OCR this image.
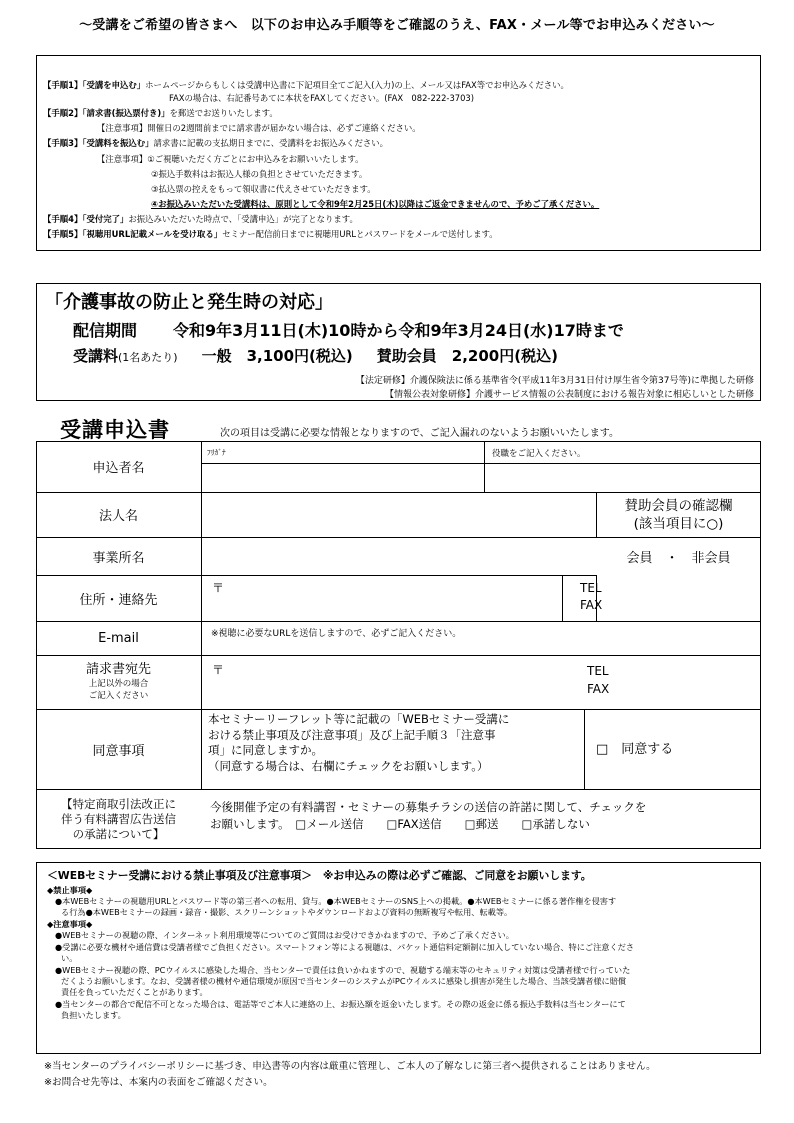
～受講をご希望の皆さまへ　以下のお申込み手順等をご確認のうえ、FAX・メール等でお申込みください～
【手順1】「受講を申込む」ホームページからもしくは受講申込書に下記項目全てご記入(入力)の上、メール又はFAX等でお申込みください。
FAXの場合は、右記番号あてに本状をFAXしてください。(FAX　082-222-3703)
【手順2】「請求書(振込票付き)」を郵送でお送りいたします。
【注意事項】開催日の2週間前までに請求書が届かない場合は、必ずご連絡ください。
【手順3】「受講料を振込む」請求書に記載の支払期日までに、受講料をお振込みください。
【注意事項】①ご視聴いただく方ごとにお申込みをお願いいたします。
②振込手数料はお振込人様の負担とさせていただきます。
③払込票の控えをもって領収書に代えさせていただきます。
④お振込みいただいた受講料は、原則として令和9年2月25日(木)以降はご返金できませんので、予めご了承ください。
【手順4】「受付完了」お振込みいただいた時点で、「受講申込」が完了となります。
【手順5】「視聴用URL記載メールを受け取る」セミナー配信前日までに視聴用URLとパスワードをメールで送付します。
「介護事故の防止と発生時の対応」
配信期間 令和9年3月11日(木)10時から令和9年3月24日(水)17時まで
受講料(1名あたり) 一般　3,100円(税込) 賛助会員　2,200円(税込)
【法定研修】介護保険法に係る基準省令(平成11年3月31日付け厚生省令第37号等)に準拠した研修
【情報公表対象研修】介護サービス情報の公表制度における報告対象に相応しいとした研修
受講申込書	次の項目は受講に必要な情報となりますので、ご記入漏れのないようお願いいたします。
申込者名
ﾌﾘｶﾞﾅ	役職をご記入ください。
法人名
賛助会員の確認欄
(該当項目に○)
事業所名	会員　・　非会員
住所・連絡先
〒	TEL
FAX
E-mail	※視聴に必要なURLを送信しますので、必ずご記入ください。
請求書宛先
上記以外の場合
ご記入ください
〒	TEL
FAX
同意事項
本セミナーリーフレット等に記載の「WEBセミナー受講に
おける禁止事項及び注意事項」及び上記手順３「注意事
項」に同意しますか。
（同意する場合は、右欄にチェックをお願いします。）
□　同意する
【特定商取引法改正に
伴う有料講習広告送信
の承諾について】
今後開催予定の有料講習・セミナーの募集チラシの送信の許諾に関して、チェックを
お願いします。　□メール送信　　□FAX送信　　□郵送　　□承諾しない
＜WEBセミナー受講における禁止事項及び注意事項＞　※お申込みの際は必ずご確認、ご同意をお願いします。
◆禁止事項◆
●本WEBセミナーの視聴用URLとパスワード等の第三者への転用、貸与。●本WEBセミナーのSNS上への掲載。●本WEBセミナーに係る著作権を侵害す
る行為●本WEBセミナーの録画・録音・撮影、スクリーンショットやダウンロードおよび資料の無断複写や転用、転載等。
◆注意事項◆
●WEBセミナーの視聴の際、インターネット利用環境等についてのご質問はお受けできかねますので、予めご了承ください。
●受講に必要な機材や通信費は受講者様でご負担ください。スマートフォン等による視聴は、パケット通信料定額制に加入していない場合、特にご注意くださ
い。
●WEBセミナー視聴の際、PCウイルスに感染した場合、当センターで責任は負いかねますので、視聴する端末等のセキュリティ対策は受講者様で行っていた
だくようお願いします。なお、受講者様の機材や通信環境が原因で当センターのシステムがPCウイルスに感染し損害が発生した場合、当該受講者様に賠償
責任を負っていただくことがあります。
●当センターの都合で配信不可となった場合は、電話等でご本人に連絡の上、お振込額を返金いたします。その際の返金に係る振込手数料は当センターにて
負担いたします。
※当センターのプライバシーポリシーに基づき、申込書等の内容は厳重に管理し、ご本人の了解なしに第三者へ提供されることはありません。
※お問合せ先等は、本案内の表面をご確認ください。
